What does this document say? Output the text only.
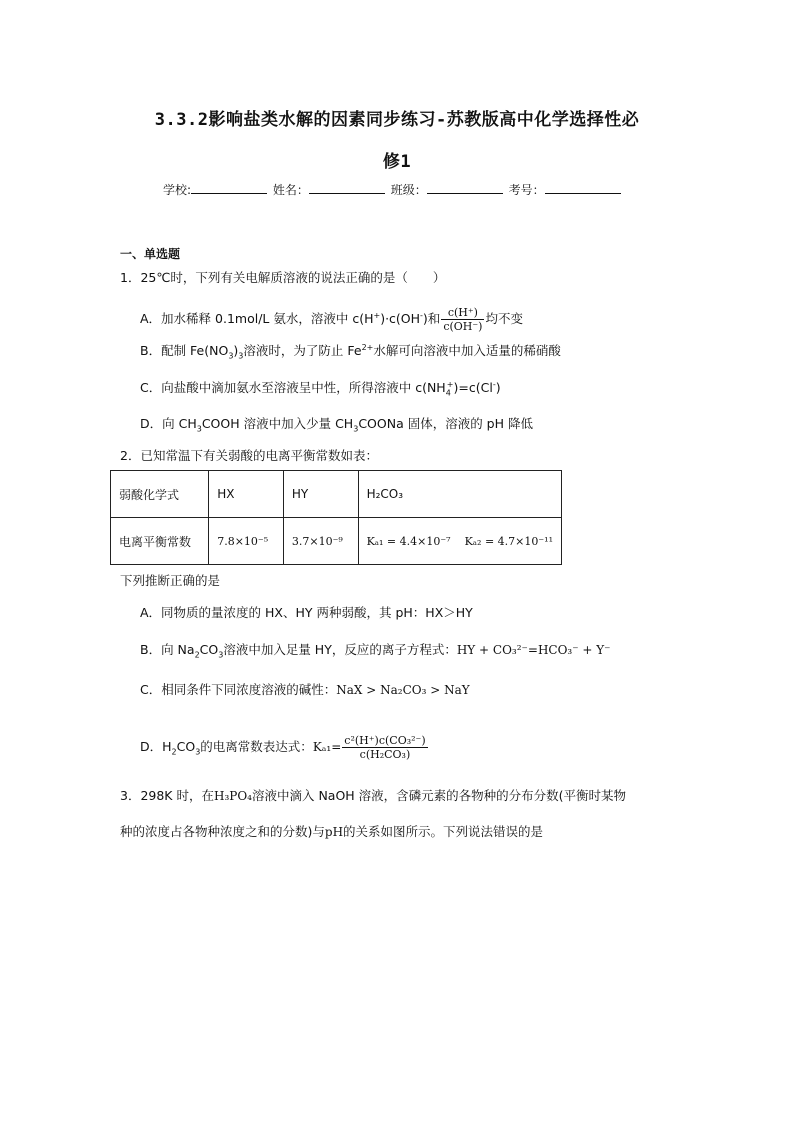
3.3.2影响盐类水解的因素同步练习-苏教版高中化学选择性必
修1
学校:	姓名：	班级：	考号：
一、单选题
1．25℃时，下列有关电解质溶液的说法正确的是（　　）
A．加水稀释 0.1mol/L 氨水，溶液中 c(H+)·c(OH-)和 $\frac{c(H^+)}{c(OH^-)}$ 均不变
B．配制 $Fe(NO_3)_3$溶液时，为了防止 $Fe^{2+}$水解可向溶液中加入适量的稀硝酸
C．向盐酸中滴加氨水至溶液呈中性，所得溶液中 $c(NH_4^+)=c(Cl^-)$
D．向 $CH_3COOH$ 溶液中加入少量 $CH_3COONa$ 固体，溶液的 pH 降低
2．已知常温下有关弱酸的电离平衡常数如表：
弱酸化学式	HX	HY	H₂CO₃
电离平衡常数	7.8×10⁻⁵	3.7×10⁻⁹	Kₐ₁ = 4.4×10⁻⁷ Kₐ₂ = 4.7×10⁻¹¹
下列推断正确的是
A．同物质的量浓度的 HX、HY 两种弱酸，其 pH：HX＞HY
B．向 $Na_2CO_3$溶液中加入足量 HY，反应的离子方程式：HY + CO₃²⁻=HCO₃⁻ + Y⁻
C．相同条件下同浓度溶液的碱性：NaX > Na₂CO₃ > NaY
D．$H_2CO_3$的电离常数表达式：$K_{a1}= \frac{\text{c²(H⁺)c(CO₃²⁻)}}{\text{c(H₂CO₃)}}$
3．298K 时，在H₃PO₄溶液中滴入 NaOH 溶液，含磷元素的各物种的分布分数(平衡时某物
种的浓度占各物种浓度之和的分数)与pH的关系如图所示。下列说法错误的是
